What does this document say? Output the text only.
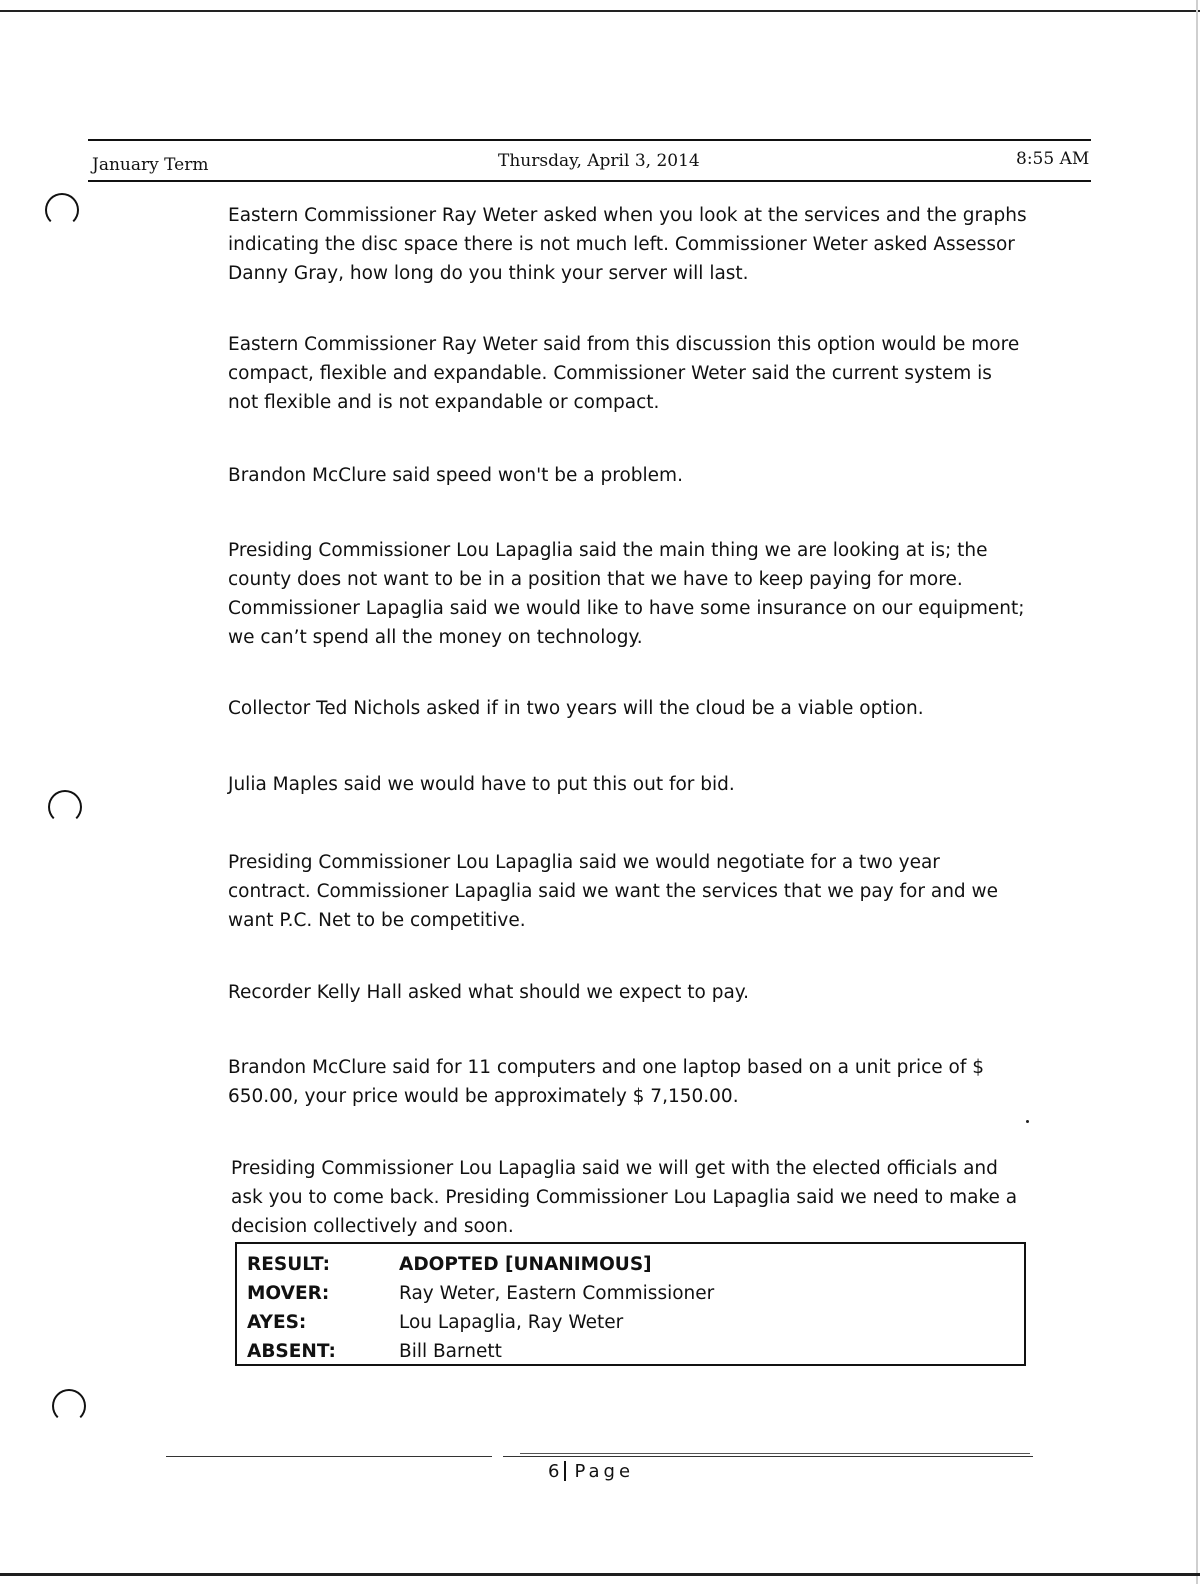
January Term	Thursday, April 3, 2014	8:55 AM

Eastern Commissioner Ray Weter asked when you look at the services and the graphs indicating the disc space there is not much left. Commissioner Weter asked Assessor Danny Gray, how long do you think your server will last.

Eastern Commissioner Ray Weter said from this discussion this option would be more compact, flexible and expandable. Commissioner Weter said the current system is not flexible and is not expandable or compact.

Brandon McClure said speed won't be a problem.

Presiding Commissioner Lou Lapaglia said the main thing we are looking at is; the county does not want to be in a position that we have to keep paying for more. Commissioner Lapaglia said we would like to have some insurance on our equipment; we can’t spend all the money on technology.

Collector Ted Nichols asked if in two years will the cloud be a viable option.

Julia Maples said we would have to put this out for bid.

Presiding Commissioner Lou Lapaglia said we would negotiate for a two year contract. Commissioner Lapaglia said we want the services that we pay for and we want P.C. Net to be competitive.

Recorder Kelly Hall asked what should we expect to pay.

Brandon McClure said for 11 computers and one laptop based on a unit price of $ 650.00, your price would be approximately $ 7,150.00.

Presiding Commissioner Lou Lapaglia said we will get with the elected officials and ask you to come back. Presiding Commissioner Lou Lapaglia said we need to make a decision collectively and soon.

RESULT:	ADOPTED [UNANIMOUS]
MOVER:	Ray Weter, Eastern Commissioner
AYES:	Lou Lapaglia, Ray Weter
ABSENT:	Bill Barnett
6 Page
